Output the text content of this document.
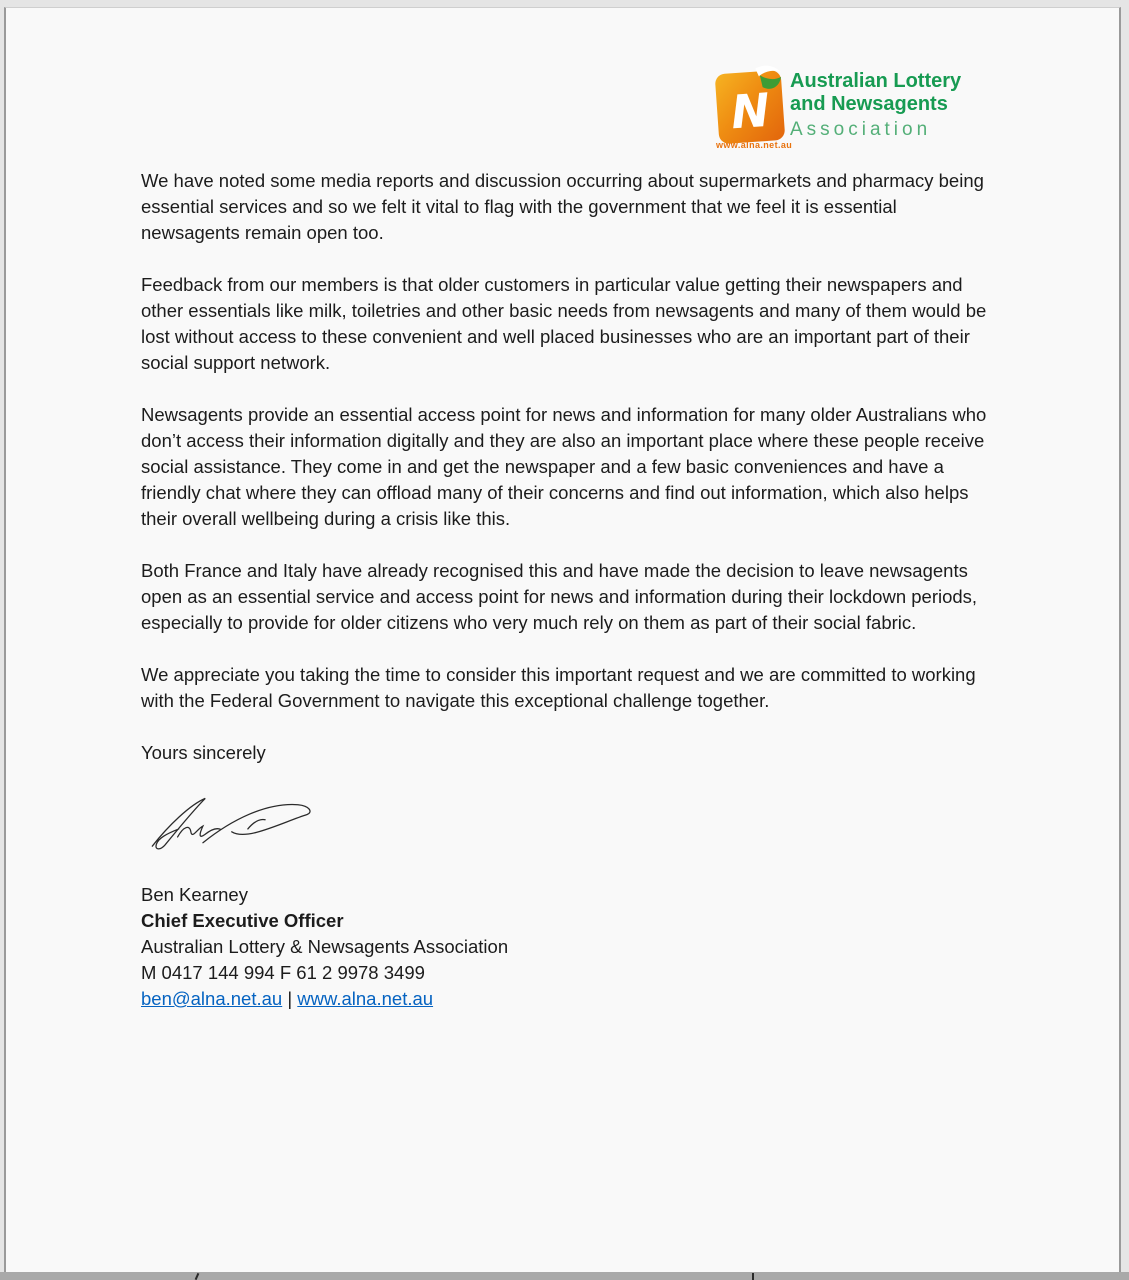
N
www.alna.net.au
Australian Lottery
and Newsagents
Association

We have noted some media reports and discussion occurring about supermarkets and pharmacy being essential services and so we felt it vital to flag with the government that we feel it is essential newsagents remain open too.

Feedback from our members is that older customers in particular value getting their newspapers and other essentials like milk, toiletries and other basic needs from newsagents and many of them would be lost without access to these convenient and well placed businesses who are an important part of their social support network.

Newsagents provide an essential access point for news and information for many older Australians who don’t access their information digitally and they are also an important place where these people receive social assistance. They come in and get the newspaper and a few basic conveniences and have a friendly chat where they can offload many of their concerns and find out information, which also helps their overall wellbeing during a crisis like this.

Both France and Italy have already recognised this and have made the decision to leave newsagents open as an essential service and access point for news and information during their lockdown periods, especially to provide for older citizens who very much rely on them as part of their social fabric.

We appreciate you taking the time to consider this important request and we are committed to working with the Federal Government to navigate this exceptional challenge together.

Yours sincerely
Ben Kearney
Chief Executive Officer
Australian Lottery & Newsagents Association
M 0417 144 994 F 61 2 9978 3499
ben@alna.net.au | www.alna.net.au
